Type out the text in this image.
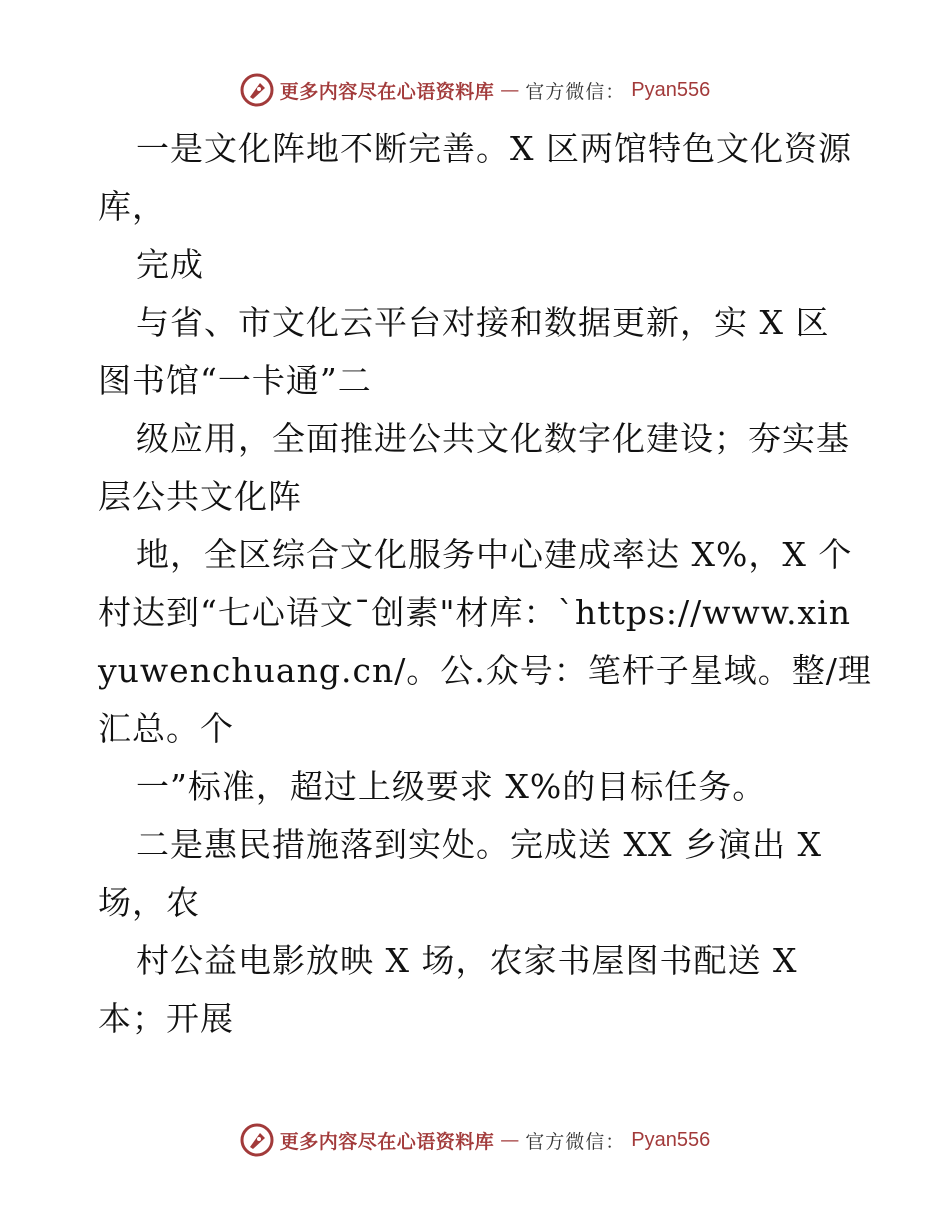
更多内容尽在心语资料库 — 官方微信： Pyan556
一是文化阵地不断完善。X 区两馆特色文化资源
库，
完成
与省、市文化云平台对接和数据更新，实 X 区
图书馆“一卡通”二
级应用，全面推进公共文化数字化建设；夯实基
层公共文化阵
地，全区综合文化服务中心建成率达 X%，X 个
村达到“七心语文¯创素"材库：`https://www.xin
yuwenchuang.cn/。公.众号：笔杆子星域。整/理
汇总。个
一”标准，超过上级要求 X%的目标任务。
二是惠民措施落到实处。完成送 XX 乡演出 X
场，农
村公益电影放映 X 场，农家书屋图书配送 X
本；开展
更多内容尽在心语资料库 — 官方微信： Pyan556
